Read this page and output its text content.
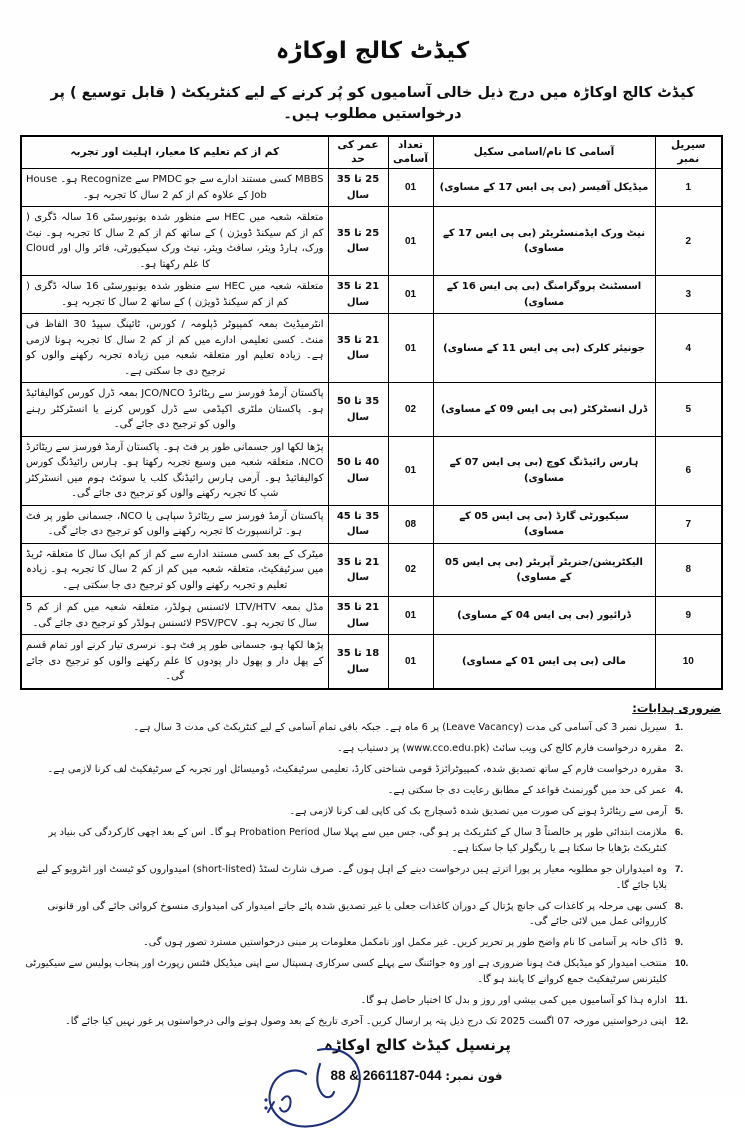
کیڈٹ کالج اوکاڑہ
کیڈٹ کالج اوکاڑہ میں درج ذیل خالی آسامیوں کو پُر کرنے کے لیے کنٹریکٹ ( قابل توسیع ) پر درخواستیں مطلوب ہیں۔
سیریل نمبر	آسامی کا نام/اسامی سکیل	تعداد آسامی	عمر کی حد	کم از کم تعلیم کا معیار، اہلیت اور تجربہ
1	میڈیکل آفیسر (بی پی ایس 17 کے مساوی)	01	25 تا 35 سال	MBBS کسی مستند ادارے سے جو PMDC سے Recognize ہو۔ House Job کے علاوہ کم از کم 2 سال کا تجربہ ہو۔
2	نیٹ ورک ایڈمنسٹریٹر (بی پی ایس 17 کے مساوی)	01	25 تا 35 سال	متعلقہ شعبہ میں HEC سے منظور شدہ یونیورسٹی 16 سالہ ڈگری ( کم از کم سیکنڈ ڈویژن ) کے ساتھ کم از کم 2 سال کا تجربہ ہو۔ نیٹ ورک، ہارڈ ویئر، سافٹ ویئر، نیٹ ورک سیکیورٹی، فائر وال اور Cloud کا علم رکھتا ہو۔
3	اسسٹنٹ پروگرامنگ (بی پی ایس 16 کے مساوی)	01	21 تا 35 سال	متعلقہ شعبہ میں HEC سے منظور شدہ یونیورسٹی 16 سالہ ڈگری ( کم از کم سیکنڈ ڈویژن ) کے ساتھ 2 سال کا تجربہ ہو۔
4	جونیئر کلرک (بی پی ایس 11 کے مساوی)	01	21 تا 35 سال	انٹرمیڈیٹ بمعہ کمپیوٹر ڈپلومہ / کورس، ٹائپنگ سپیڈ 30 الفاظ فی منٹ۔ کسی تعلیمی ادارے میں کم از کم 2 سال کا تجربہ ہونا لازمی ہے۔ زیادہ تعلیم اور متعلقہ شعبہ میں زیادہ تجربہ رکھنے والوں کو ترجیح دی جا سکتی ہے۔
5	ڈرل انسٹرکٹر (بی پی ایس 09 کے مساوی)	02	35 تا 50 سال	پاکستان آرمڈ فورسز سے ریٹائرڈ JCO/NCO بمعہ ڈرل کورس کوالیفائیڈ ہو۔ پاکستان ملٹری اکیڈمی سے ڈرل کورس کرنے یا انسٹرکٹر رہنے والوں کو ترجیح دی جائے گی۔
6	ہارس رائیڈنگ کوچ (بی پی ایس 07 کے مساوی)	01	40 تا 50 سال	پڑھا لکھا اور جسمانی طور پر فٹ ہو۔ پاکستان آرمڈ فورسز سے ریٹائرڈ NCO، متعلقہ شعبہ میں وسیع تجربہ رکھتا ہو۔ ہارس رائیڈنگ کورس کوالیفائیڈ ہو۔ آرمی ہارس رائیڈنگ کلب یا سوئٹ ہوم میں انسٹرکٹر شپ کا تجربہ رکھنے والوں کو ترجیح دی جائے گی۔
7	سیکیورٹی گارڈ (بی پی ایس 05 کے مساوی)	08	35 تا 45 سال	پاکستان آرمڈ فورسز سے ریٹائرڈ سپاہی یا NCO، جسمانی طور پر فٹ ہو۔ ٹرانسپورٹ کا تجربہ رکھنے والوں کو ترجیح دی جائے گی۔
8	الیکٹریشن/جنریٹر آپریٹر (بی پی ایس 05 کے مساوی)	02	21 تا 35 سال	میٹرک کے بعد کسی مستند ادارے سے کم از کم ایک سال کا متعلقہ ٹریڈ میں سرٹیفکیٹ، متعلقہ شعبہ میں کم از کم 2 سال کا تجربہ ہو۔ زیادہ تعلیم و تجربہ رکھنے والوں کو ترجیح دی جا سکتی ہے۔
9	ڈرائیور (بی پی ایس 04 کے مساوی)	01	21 تا 35 سال	مڈل بمعہ LTV/HTV لائسنس ہولڈر، متعلقہ شعبہ میں کم از کم 5 سال کا تجربہ ہو۔ PSV/PCV لائسنس ہولڈر کو ترجیح دی جائے گی۔
10	مالی (بی پی ایس 01 کے مساوی)	01	18 تا 35 سال	پڑھا لکھا ہو، جسمانی طور پر فٹ ہو۔ نرسری تیار کرنے اور تمام قسم کے پھل دار و پھول دار پودوں کا علم رکھنے والوں کو ترجیح دی جائے گی۔
ضروری ہدایات:
1.
سیریل نمبر 3 کی آسامی کی مدت (Leave Vacancy) پر 6 ماہ ہے۔ جبکہ باقی تمام آسامی کے لیے کنٹریکٹ کی مدت 3 سال ہے۔
2.
مقررہ درخواست فارم کالج کی ویب سائٹ (www.cco.edu.pk) پر دستیاب ہے۔
3.
مقررہ درخواست فارم کے ساتھ تصدیق شدہ، کمپیوٹرائزڈ قومی شناختی کارڈ، تعلیمی سرٹیفکیٹ، ڈومیسائل اور تجربہ کے سرٹیفکیٹ لف کرنا لازمی ہے۔
4.
عمر کی حد میں گورنمنٹ قواعد کے مطابق رعایت دی جا سکتی ہے۔
5.
آرمی سے ریٹائرڈ ہونے کی صورت میں تصدیق شدہ ڈسچارج بک کی کاپی لف کرنا لازمی ہے۔
6.
ملازمت ابتدائی طور پر خالصتاً 3 سال کے کنٹریکٹ پر ہو گی، جس میں سے پہلا سال Probation Period ہو گا۔ اس کے بعد اچھی کارکردگی کی بنیاد پر کنٹریکٹ بڑھایا جا سکتا ہے یا ریگولر کیا جا سکتا ہے۔
7.
وہ امیدواران جو مطلوبہ معیار پر پورا اترتے ہیں درخواست دینے کے اہل ہوں گے۔ صرف شارٹ لسٹڈ (short-listed) امیدواروں کو ٹیسٹ اور انٹرویو کے لیے بلایا جائے گا۔
8.
کسی بھی مرحلہ پر کاغذات کی جانچ پڑتال کے دوران کاغذات جعلی یا غیر تصدیق شدہ پائے جاتے امیدوار کی امیدواری منسوخ کروائی جائے گی اور قانونی کارروائی عمل میں لائی جائے گی۔
9.
ڈاک خانہ پر آسامی کا نام واضح طور پر تحریر کریں۔ غیر مکمل اور نامکمل معلومات پر مبنی درخواستیں مسترد تصور ہوں گی۔
10.
منتخب امیدوار کو میڈیکل فٹ ہونا ضروری ہے اور وہ جوائننگ سے پہلے کسی سرکاری ہسپتال سے اپنی میڈیکل فٹنس رپورٹ اور پنجاب پولیس سے سیکیورٹی کلیئرنس سرٹیفکیٹ جمع کروانے کا پابند ہو گا۔
11.
ادارہ ہذا کو آسامیوں میں کمی بیشی اور روز و بدل کا اختیار حاصل ہو گا۔
12.
اپنی درخواستیں مورخہ 07 اگست 2025 تک درج ذیل پتہ پر ارسال کریں۔ آخری تاریخ کے بعد وصول ہونے والی درخواستوں پر غور نہیں کیا جائے گا۔
پرنسپل کیڈٹ کالج اوکاڑہ
فون نمبر: 044-2661187 & 88
